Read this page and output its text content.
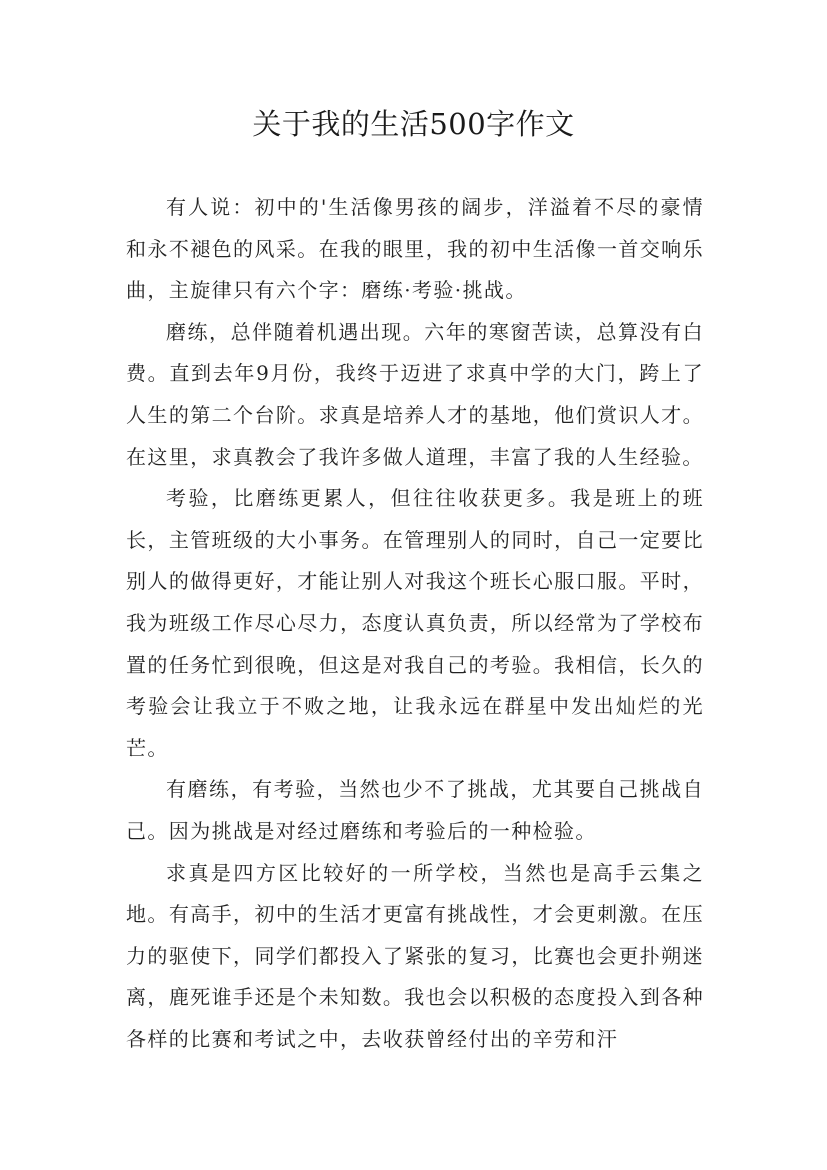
关于我的生活500字作文

有人说：初中的'生活像男孩的阔步，洋溢着不尽的豪情和永不褪色的风采。在我的眼里，我的初中生活像一首交响乐曲，主旋律只有六个字：磨练·考验·挑战。

磨练，总伴随着机遇出现。六年的寒窗苦读，总算没有白费。直到去年9月份，我终于迈进了求真中学的大门，跨上了人生的第二个台阶。求真是培养人才的基地，他们赏识人才。在这里，求真教会了我许多做人道理，丰富了我的人生经验。

考验，比磨练更累人，但往往收获更多。我是班上的班长，主管班级的大小事务。在管理别人的同时，自己一定要比别人的做得更好，才能让别人对我这个班长心服口服。平时，我为班级工作尽心尽力，态度认真负责，所以经常为了学校布置的任务忙到很晚，但这是对我自己的考验。我相信，长久的考验会让我立于不败之地，让我永远在群星中发出灿烂的光芒。

有磨练，有考验，当然也少不了挑战，尤其要自己挑战自己。因为挑战是对经过磨练和考验后的一种检验。

求真是四方区比较好的一所学校，当然也是高手云集之地。有高手，初中的生活才更富有挑战性，才会更刺激。在压力的驱使下，同学们都投入了紧张的复习，比赛也会更扑朔迷离，鹿死谁手还是个未知数。我也会以积极的态度投入到各种各样的比赛和考试之中，去收获曾经付出的辛劳和汗
